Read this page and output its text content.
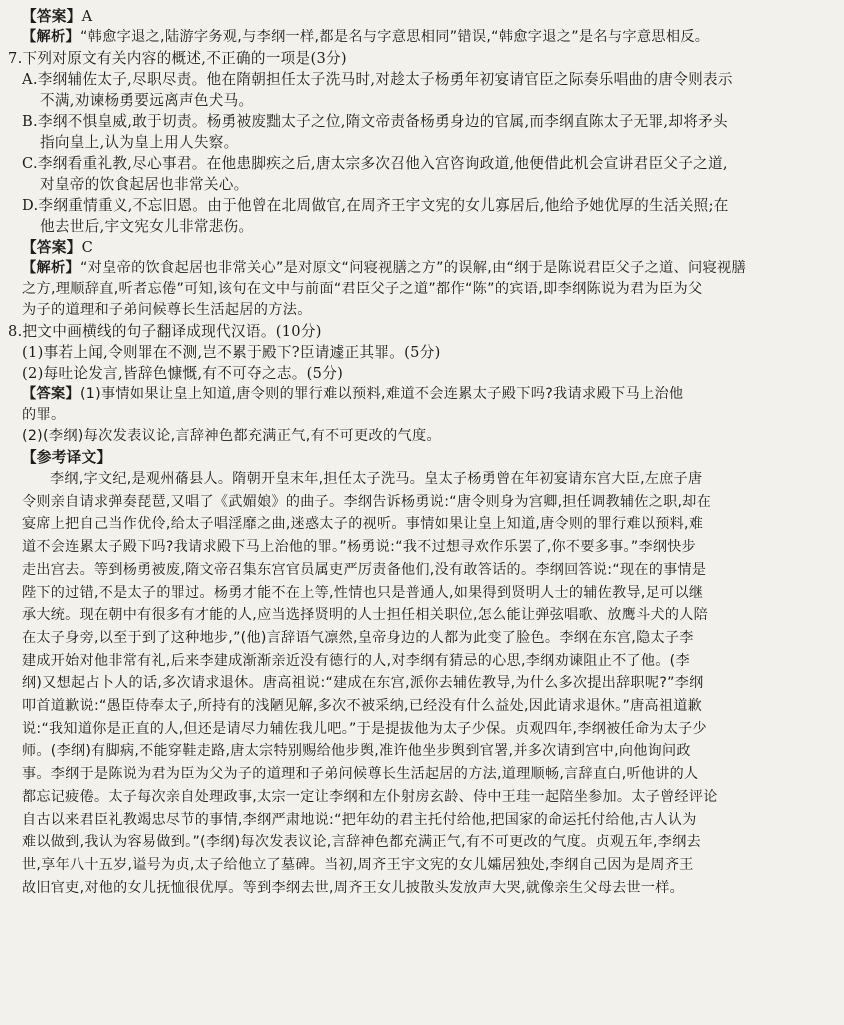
【答案】A
【解析】“韩愈字退之,陆游字务观,与李纲一样,都是名与字意思相同”错误,“韩愈字退之”是名与字意思相反。
7.下列对原文有关内容的概述,不正确的一项是(3分)
A.李纲辅佐太子,尽职尽责。他在隋朝担任太子洗马时,对趁太子杨勇年初宴请官臣之际奏乐唱曲的唐令则表示
不满,劝谏杨勇要远离声色犬马。
B.李纲不惧皇威,敢于切责。杨勇被废黜太子之位,隋文帝责备杨勇身边的官属,而李纲直陈太子无罪,却将矛头
指向皇上,认为皇上用人失察。
C.李纲看重礼教,尽心事君。在他患脚疾之后,唐太宗多次召他入宫咨询政道,他便借此机会宣讲君臣父子之道,
对皇帝的饮食起居也非常关心。
D.李纲重情重义,不忘旧恩。由于他曾在北周做官,在周齐王宇文宪的女儿寡居后,他给予她优厚的生活关照;在
他去世后,宇文宪女儿非常悲伤。
【答案】C
【解析】“对皇帝的饮食起居也非常关心”是对原文“问寝视膳之方”的误解,由“纲于是陈说君臣父子之道、问寝视膳
之方,理顺辞直,听者忘倦”可知,该句在文中与前面“君臣父子之道”都作“陈”的宾语,即李纲陈说为君为臣为父
为子的道理和子弟问候尊长生活起居的方法。
8.把文中画横线的句子翻译成现代汉语。(10分)
(1)事若上闻,令则罪在不测,岂不累于殿下?臣请遽正其罪。(5分)
(2)每吐论发言,皆辞色慷慨,有不可夺之志。(5分)
【答案】(1)事情如果让皇上知道,唐令则的罪行难以预料,难道不会连累太子殿下吗?我请求殿下马上治他
的罪。
(2)(李纲)每次发表议论,言辞神色都充满正气,有不可更改的气度。
【参考译文】
李纲,字文纪,是观州蓨县人。隋朝开皇末年,担任太子洗马。皇太子杨勇曾在年初宴请东宫大臣,左庶子唐
令则亲自请求弹奏琵琶,又唱了《武媚娘》的曲子。李纲告诉杨勇说:“唐令则身为宫卿,担任调教辅佐之职,却在
宴席上把自己当作优伶,给太子唱淫靡之曲,迷惑太子的视听。事情如果让皇上知道,唐令则的罪行难以预料,难
道不会连累太子殿下吗?我请求殿下马上治他的罪。”杨勇说:“我不过想寻欢作乐罢了,你不要多事。”李纲快步
走出宫去。等到杨勇被废,隋文帝召集东宫官员属吏严厉责备他们,没有敢答话的。李纲回答说:“现在的事情是
陛下的过错,不是太子的罪过。杨勇才能不在上等,性情也只是普通人,如果得到贤明人士的辅佐教导,足可以继
承大统。现在朝中有很多有才能的人,应当选择贤明的人士担任相关职位,怎么能让弹弦唱歌、放鹰斗犬的人陪
在太子身旁,以至于到了这种地步,”(他)言辞语气凛然,皇帝身边的人都为此变了脸色。李纲在东宫,隐太子李
建成开始对他非常有礼,后来李建成渐渐亲近没有德行的人,对李纲有猜忌的心思,李纲劝谏阻止不了他。(李
纲)又想起占卜人的话,多次请求退休。唐高祖说:“建成在东宫,派你去辅佐教导,为什么多次提出辞职呢?”李纲
叩首道歉说:“愚臣侍奉太子,所持有的浅陋见解,多次不被采纳,已经没有什么益处,因此请求退休。”唐高祖道歉
说:“我知道你是正直的人,但还是请尽力辅佐我儿吧。”于是提拔他为太子少保。贞观四年,李纲被任命为太子少
师。(李纲)有脚病,不能穿鞋走路,唐太宗特别赐给他步舆,准许他坐步舆到官署,并多次请到宫中,向他询问政
事。李纲于是陈说为君为臣为父为子的道理和子弟问候尊长生活起居的方法,道理顺畅,言辞直白,听他讲的人
都忘记疲倦。太子每次亲自处理政事,太宗一定让李纲和左仆射房玄龄、侍中王珪一起陪坐参加。太子曾经评论
自古以来君臣礼教竭忠尽节的事情,李纲严肃地说:“把年幼的君主托付给他,把国家的命运托付给他,古人认为
难以做到,我认为容易做到。”(李纲)每次发表议论,言辞神色都充满正气,有不可更改的气度。贞观五年,李纲去
世,享年八十五岁,谥号为贞,太子给他立了墓碑。当初,周齐王宇文宪的女儿孀居独处,李纲自己因为是周齐王
故旧官吏,对他的女儿抚恤很优厚。等到李纲去世,周齐王女儿披散头发放声大哭,就像亲生父母去世一样。
